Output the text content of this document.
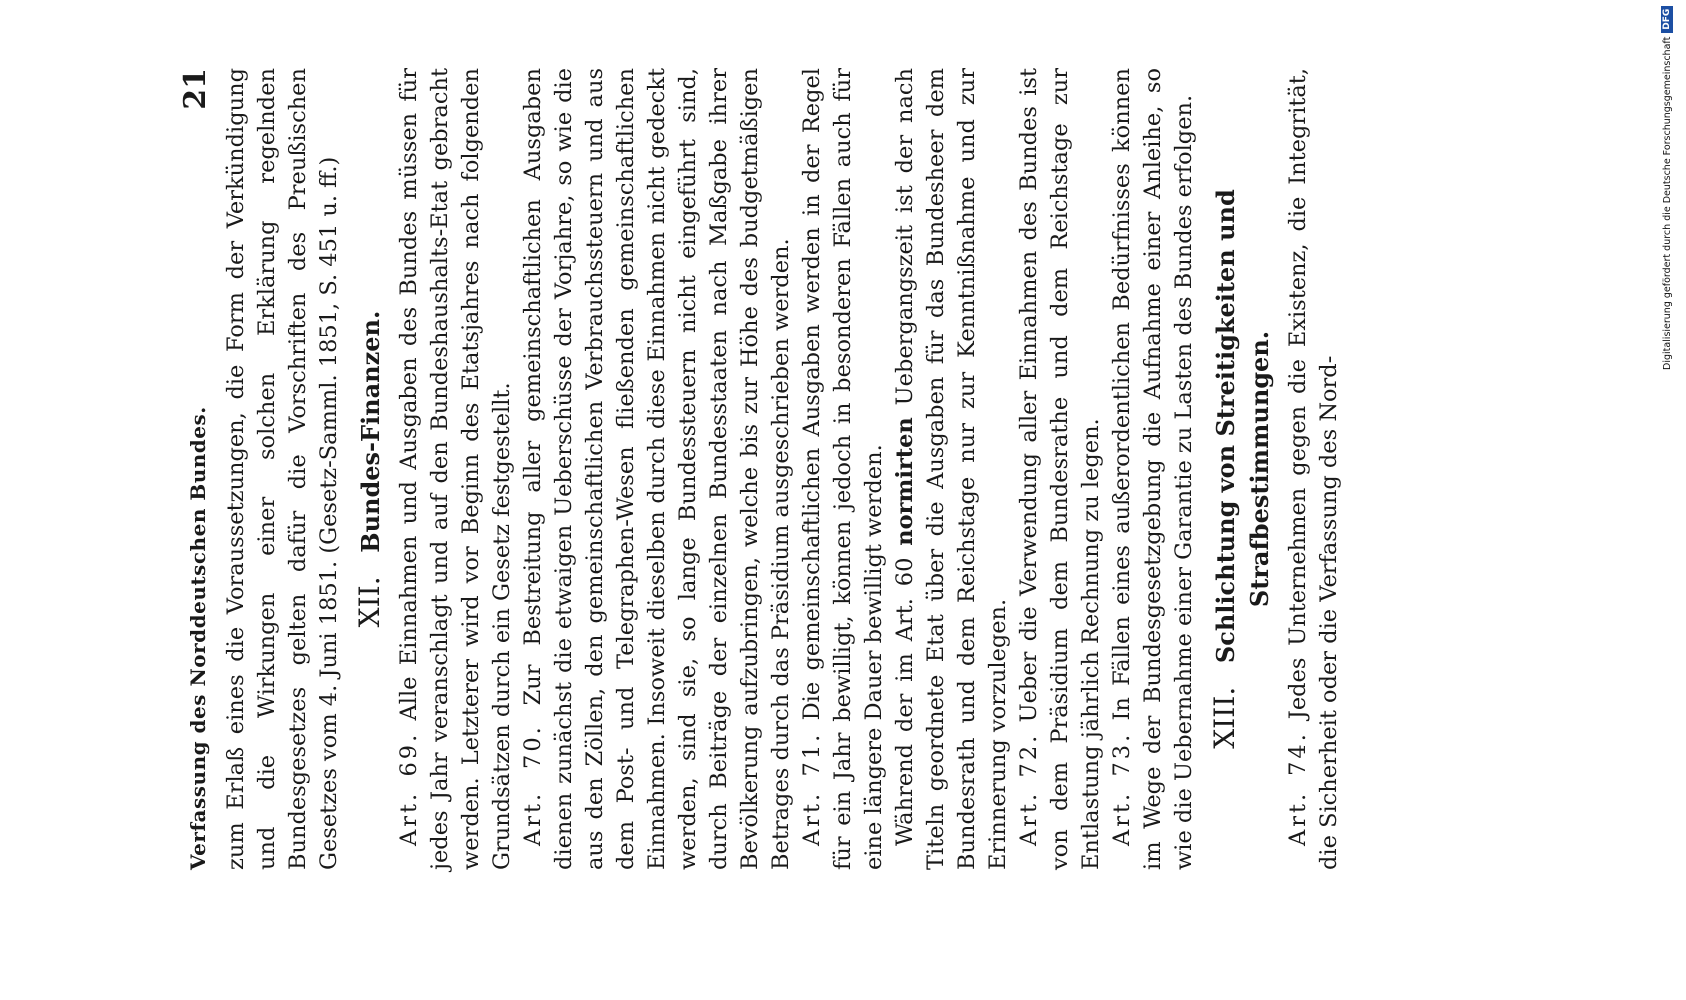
Verfassung des Norddeutschen Bundes.
21 zum Erlaß eines die Voraussetzungen, die Form der Verkündigung und die Wirkungen einer solchen Erklärung regelnden Bundesgesetzes gelten dafür die Vorschriften des Preußischen Gesetzes vom 4. Juni 1851. (Gesetz-Samml. 1851, S. 451 u. ff.) XII. Bundes-Finanzen.

Art. 69. Alle Einnahmen und Ausgaben des Bundes müssen für jedes Jahr veranschlagt und auf den Bundeshaushalts-Etat gebracht werden. Letzterer wird vor Beginn des Etatsjahres nach folgenden Grundsätzen durch ein Gesetz festgestellt. Art. 70. Zur Bestreitung aller gemeinschaftlichen Ausgaben dienen zunächst die etwaigen Ueberschüsse der Vorjahre, so wie die aus den Zöllen, den gemeinschaftlichen Verbrauchssteuern und aus dem Post- und Telegraphen-Wesen fließenden gemeinschaftlichen Einnahmen. Insoweit dieselben durch diese Einnahmen nicht gedeckt werden, sind sie, so lange Bundessteuern nicht eingeführt sind, durch Beiträge der einzelnen Bundesstaaten nach Maßgabe ihrer Bevölkerung aufzubringen, welche bis zur Höhe des budgetmäßigen Betrages durch das Präsidium ausgeschrieben werden. Art. 71. Die gemeinschaftlichen Ausgaben werden in der Regel für ein Jahr bewilligt, können jedoch in besonderen Fällen auch für eine längere Dauer bewilligt werden. Während der im Art. 60 normirten Uebergangszeit ist der nach Titeln geordnete Etat über die Ausgaben für das Bundesheer dem Bundesrath und dem Reichstage nur zur Kenntnißnahme und zur Erinnerung vorzulegen. Art. 72. Ueber die Verwendung aller Einnahmen des Bundes ist von dem Präsidium dem Bundesrathe und dem Reichstage zur Entlastung jährlich Rechnung zu legen. Art. 73. In Fällen eines außerordentlichen Bedürfnisses können im Wege der Bundesgesetzgebung die Aufnahme einer Anleihe, so wie die Uebernahme einer Garantie zu Lasten des Bundes erfolgen. XIII. Schlichtung von Streitigkeiten und Strafbestimmungen.

Art. 74. Jedes Unternehmen gegen die Existenz, die Integrität, die Sicherheit oder die Verfassung des Nord-

Digitalisierung gefördert durch die Deutsche Forschungsgemeinschaft
DFG
